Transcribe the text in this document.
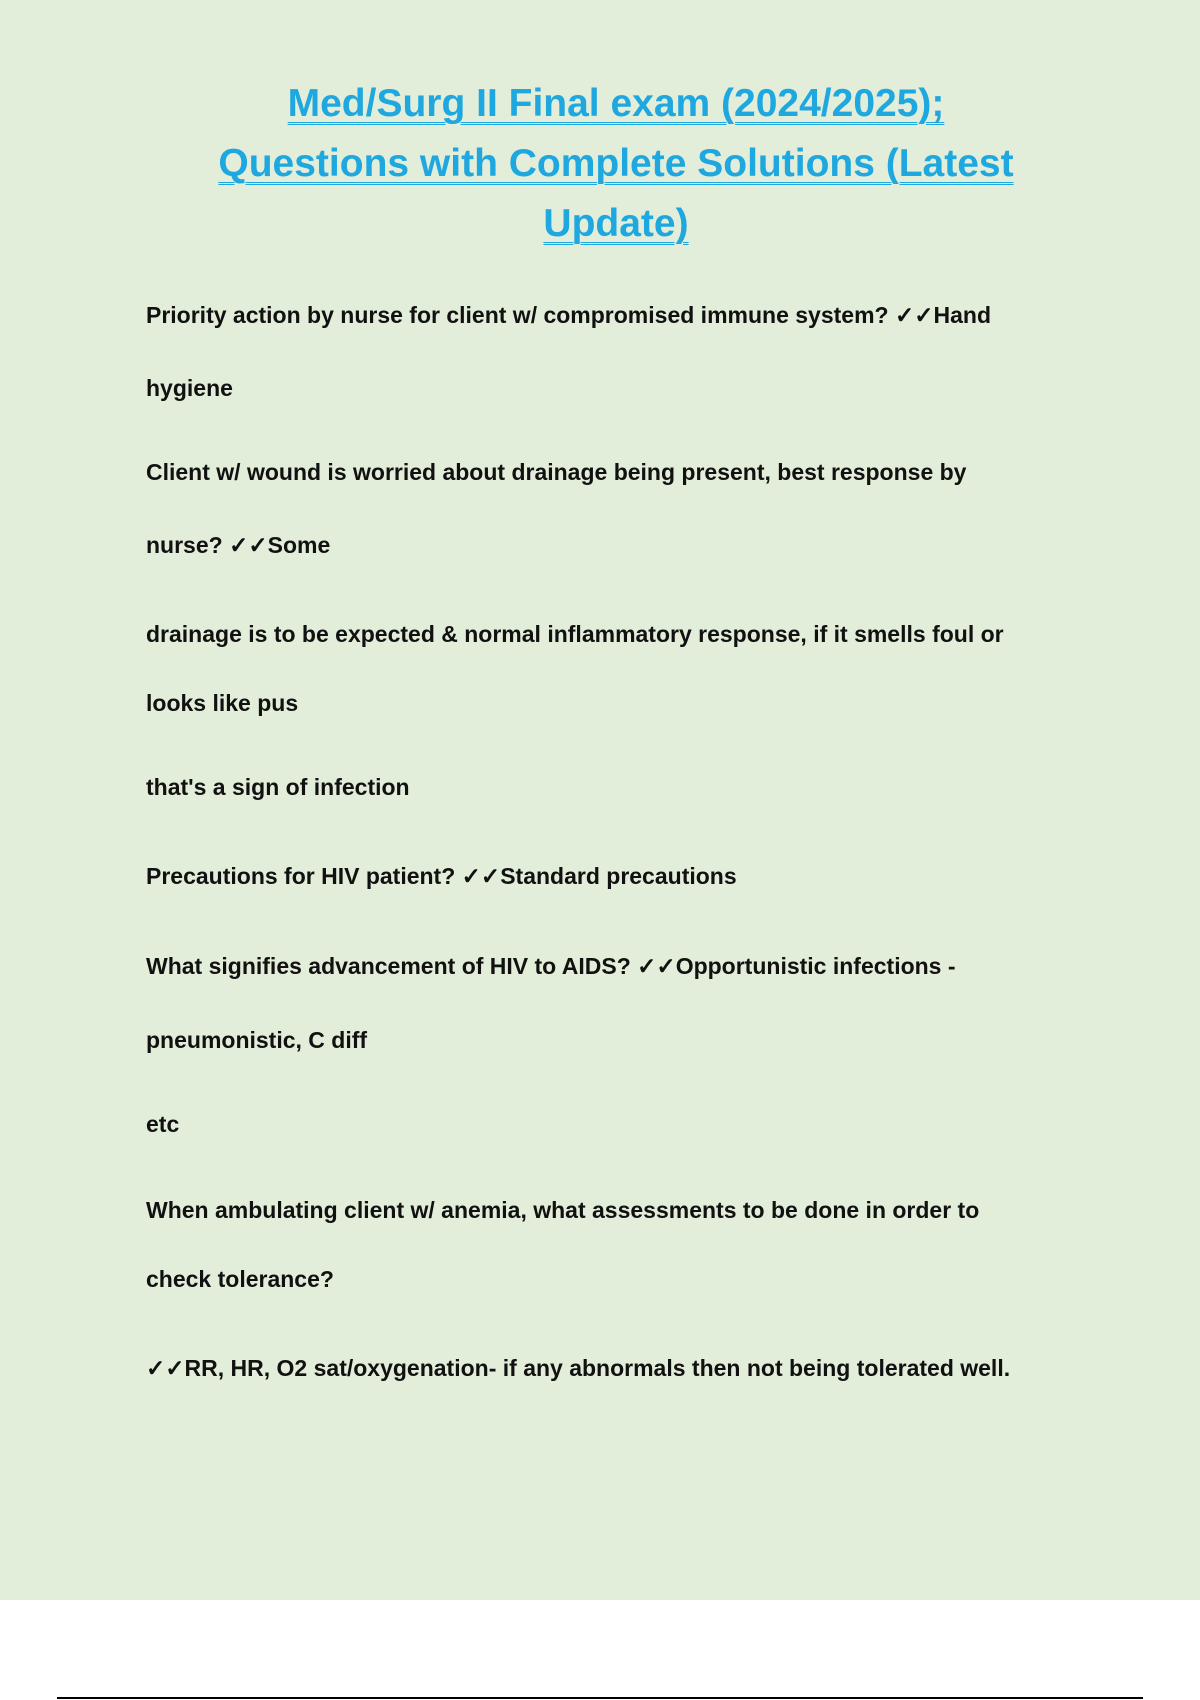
Med/Surg II Final exam (2024/2025);
Questions with Complete Solutions (Latest
Update)

Priority action by nurse for client w/ compromised immune system? ✓✓Hand

hygiene

Client w/ wound is worried about drainage being present, best response by

nurse? ✓✓Some

drainage is to be expected & normal inflammatory response, if it smells foul or

looks like pus

that's a sign of infection

Precautions for HIV patient? ✓✓Standard precautions

What signifies advancement of HIV to AIDS? ✓✓Opportunistic infections -

pneumonistic, C diff

etc

When ambulating client w/ anemia, what assessments to be done in order to

check tolerance?

✓✓RR, HR, O2 sat/oxygenation- if any abnormals then not being tolerated well.
